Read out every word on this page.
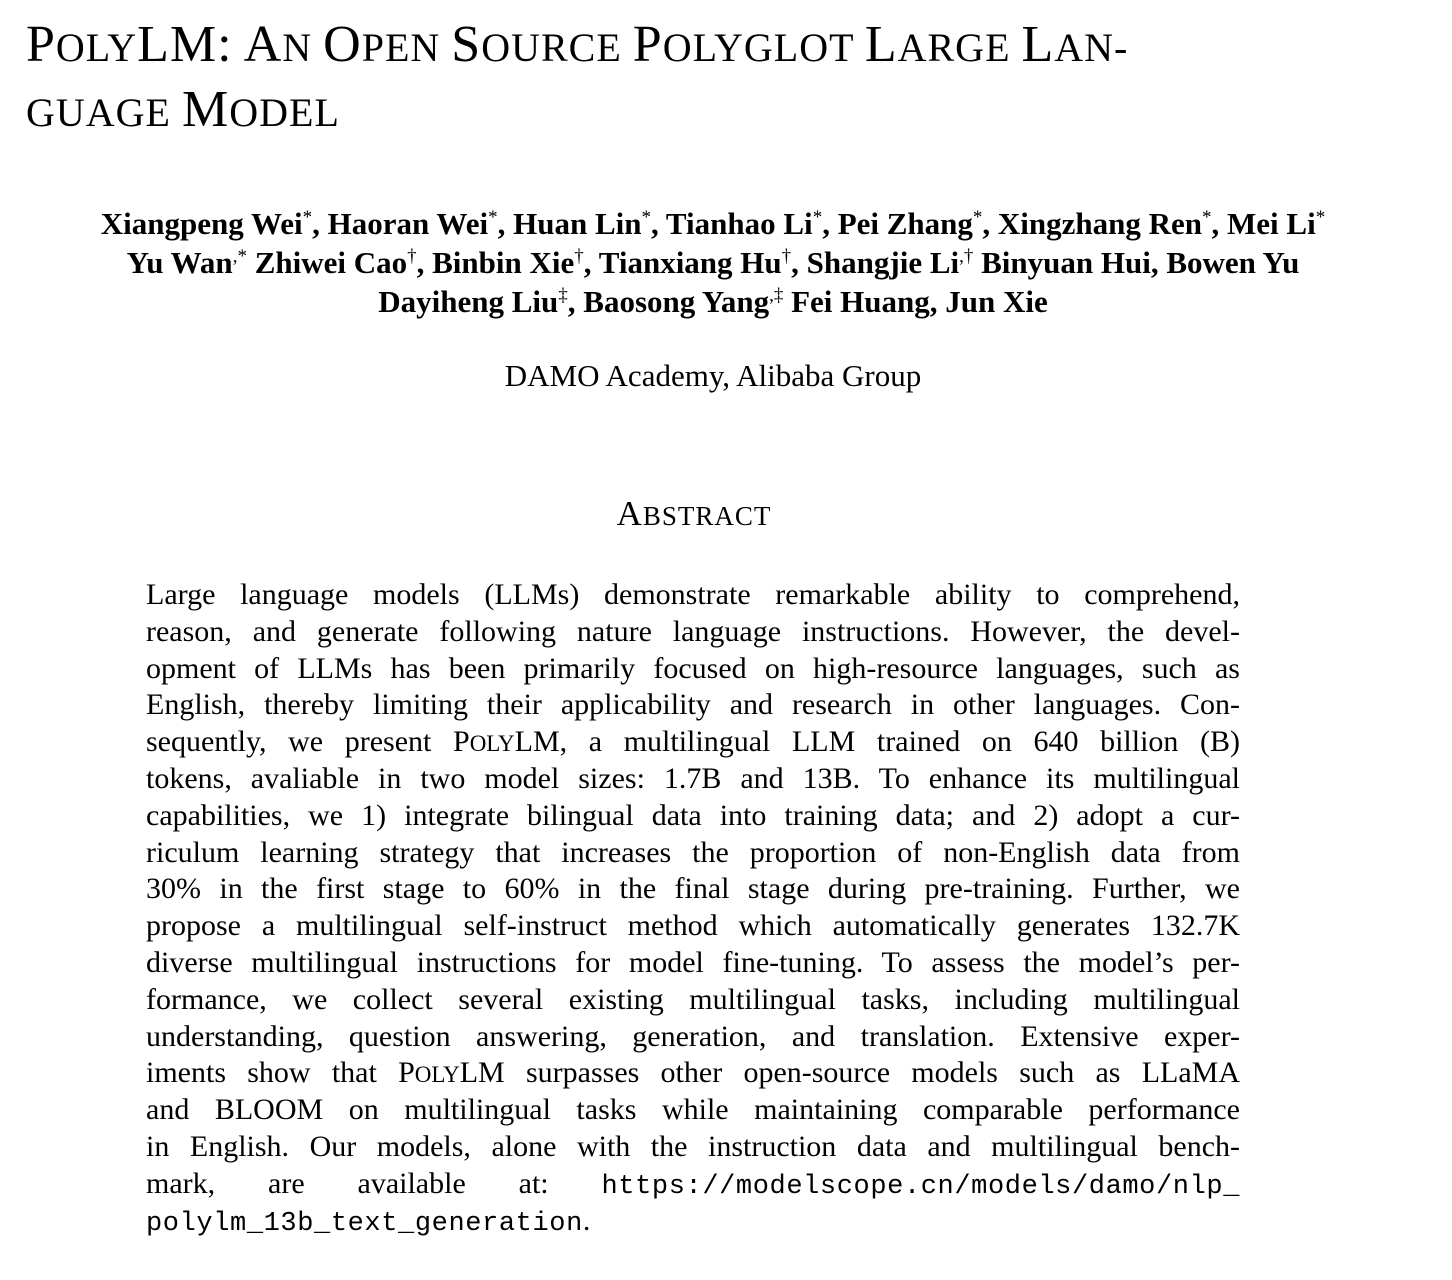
POLYLM: AN OPEN SOURCE POLYGLOT LARGE LAN-
GUAGE MODEL
Xiangpeng Wei*, Haoran Wei*, Huan Lin*, Tianhao Li*, Pei Zhang*, Xingzhang Ren*, Mei Li*
Yu Wan,* Zhiwei Cao†, Binbin Xie†, Tianxiang Hu†, Shangjie Li,† Binyuan Hui, Bowen Yu
Dayiheng Liu‡, Baosong Yang,‡ Fei Huang, Jun Xie
DAMO Academy, Alibaba Group
ABSTRACT
Large language models (LLMs) demonstrate remarkable ability to comprehend,
reason, and generate following nature language instructions. However, the devel-
opment of LLMs has been primarily focused on high-resource languages, such as
English, thereby limiting their applicability and research in other languages. Con-
sequently, we present POLYLM, a multilingual LLM trained on 640 billion (B)
tokens, avaliable in two model sizes: 1.7B and 13B. To enhance its multilingual
capabilities, we 1) integrate bilingual data into training data; and 2) adopt a cur-
riculum learning strategy that increases the proportion of non-English data from
30% in the first stage to 60% in the final stage during pre-training. Further, we
propose a multilingual self-instruct method which automatically generates 132.7K
diverse multilingual instructions for model fine-tuning. To assess the model’s per-
formance, we collect several existing multilingual tasks, including multilingual
understanding, question answering, generation, and translation. Extensive exper-
iments show that POLYLM surpasses other open-source models such as LLaMA
and BLOOM on multilingual tasks while maintaining comparable performance
in English. Our models, alone with the instruction data and multilingual bench-
mark, are available at: https://modelscope.cn/models/damo/nlp_
polylm_13b_text_generation.
